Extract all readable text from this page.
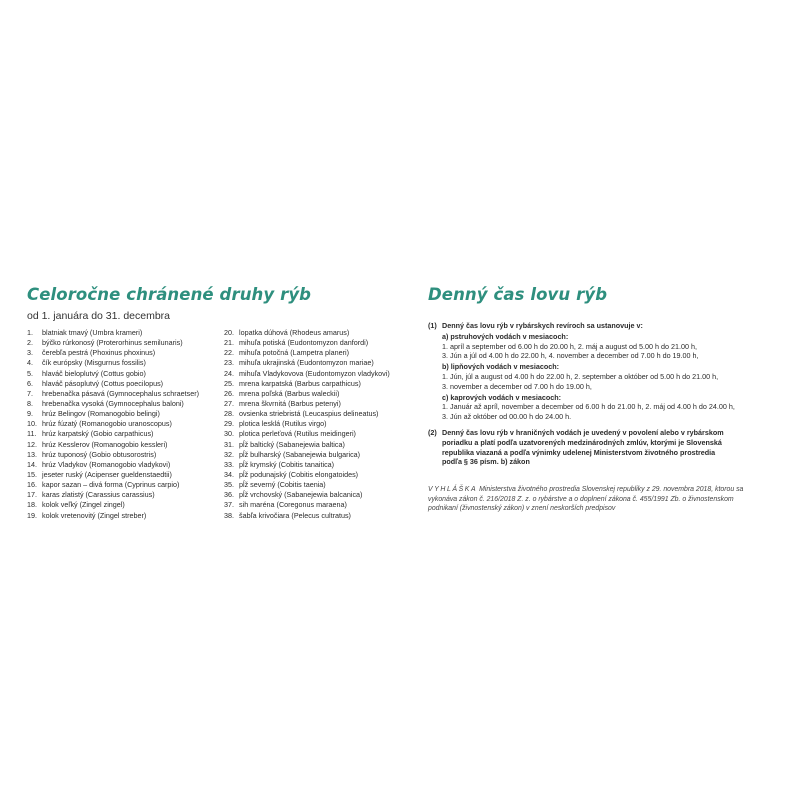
Celoročne chránené druhy rýb
od 1. januára do 31. decembra
1. blatniak tmavý (Umbra krameri)
2. býčko rúrkonosý (Proterorhinus semilunaris)
3. čerebľa pestrá (Phoxinus phoxinus)
4. čík európsky (Misgurnus fossilis)
5. hlaváč bieloplutvý (Cottus gobio)
6. hlaváč pásoplutvý (Cottus poecilopus)
7. hrebenačka pásavá (Gymnocephalus schraetser)
8. hrebenačka vysoká (Gymnocephalus baloni)
9. hrúz Belingov (Romanogobio belingi)
10. hrúz fúzatý (Romanogobio uranoscopus)
11. hrúz karpatský (Gobio carpathicus)
12. hrúz Kesslerov (Romanogobio kessleri)
13. hrúz tuponosý (Gobio obtusorostris)
14. hrúz Vladykov (Romanogobio vladykovi)
15. jeseter ruský (Acipenser gueldenstaedtii)
16. kapor sazan – divá forma (Cyprinus carpio)
17. karas zlatistý (Carassius carassius)
18. kolok veľký (Zingel zingel)
19. kolok vretenovitý (Zingel streber)
20. lopatka dúhová (Rhodeus amarus)
21. mihuľa potiská (Eudontomyzon danfordi)
22. mihuľa potočná (Lampetra planeri)
23. mihuľa ukrajinská (Eudontomyzon mariae)
24. mihuľa Vladykovova (Eudontomyzon vladykovi)
25. mrena karpatská (Barbus carpathicus)
26. mrena poľská (Barbus waleckii)
27. mrena škvrnitá (Barbus petenyi)
28. ovsienka striebristá (Leucaspius delineatus)
29. plotica lesklá (Rutilus virgo)
30. plotica perleťová (Rutilus meidingeri)
31. pĺž baltický (Sabanejewia baltica)
32. pĺž bulharský (Sabanejewia bulgarica)
33. pĺž krymský (Cobitis tanaitica)
34. pĺž podunajský (Cobitis elongatoides)
35. pĺž severný (Cobitis taenia)
36. pĺž vrchovský (Sabanejewia balcanica)
37. sih maréna (Coregonus maraena)
38. šabľa krivočiara (Pelecus cultratus)
Denný čas lovu rýb
(1) Denný čas lovu rýb v rybárskych revíroch sa ustanovuje v:
a) pstruhových vodách v mesiacoch:
1. apríl a september od 6.00 h do 20.00 h, 2. máj a august od 5.00 h do 21.00 h,
3. Jún a júl od 4.00 h do 22.00 h, 4. november a december od 7.00 h do 19.00 h,
b) lipňových vodách v mesiacoch:
1. Jún, júl a august od 4.00 h do 22.00 h, 2. september a október od 5.00 h do 21.00 h,
3. november a december od 7.00 h do 19.00 h,
c) kaprových vodách v mesiacoch:
1. Január až apríl, november a december od 6.00 h do 21.00 h, 2. máj od 4.00 h do 24.00 h,
3. Jún až október od 00.00 h do 24.00 h.
(2) Denný čas lovu rýb v hraničných vodách je uvedený v povolení alebo v rybárskom
poriadku a platí podľa uzatvorených medzinárodných zmlúv, ktorými je Slovenská
republika viazaná a podľa výnimky udelenej Ministerstvom životného prostredia
podľa § 36 písm. b) zákon
VYHLÁŠKA Ministerstva životného prostredia Slovenskej republiky z 29. novembra 2018, ktorou sa
vykonáva zákon č. 216/2018 Z. z. o rybárstve a o doplnení zákona č. 455/1991 Zb. o živnostenskom
podnikaní (živnostenský zákon) v znení neskorších predpisov
